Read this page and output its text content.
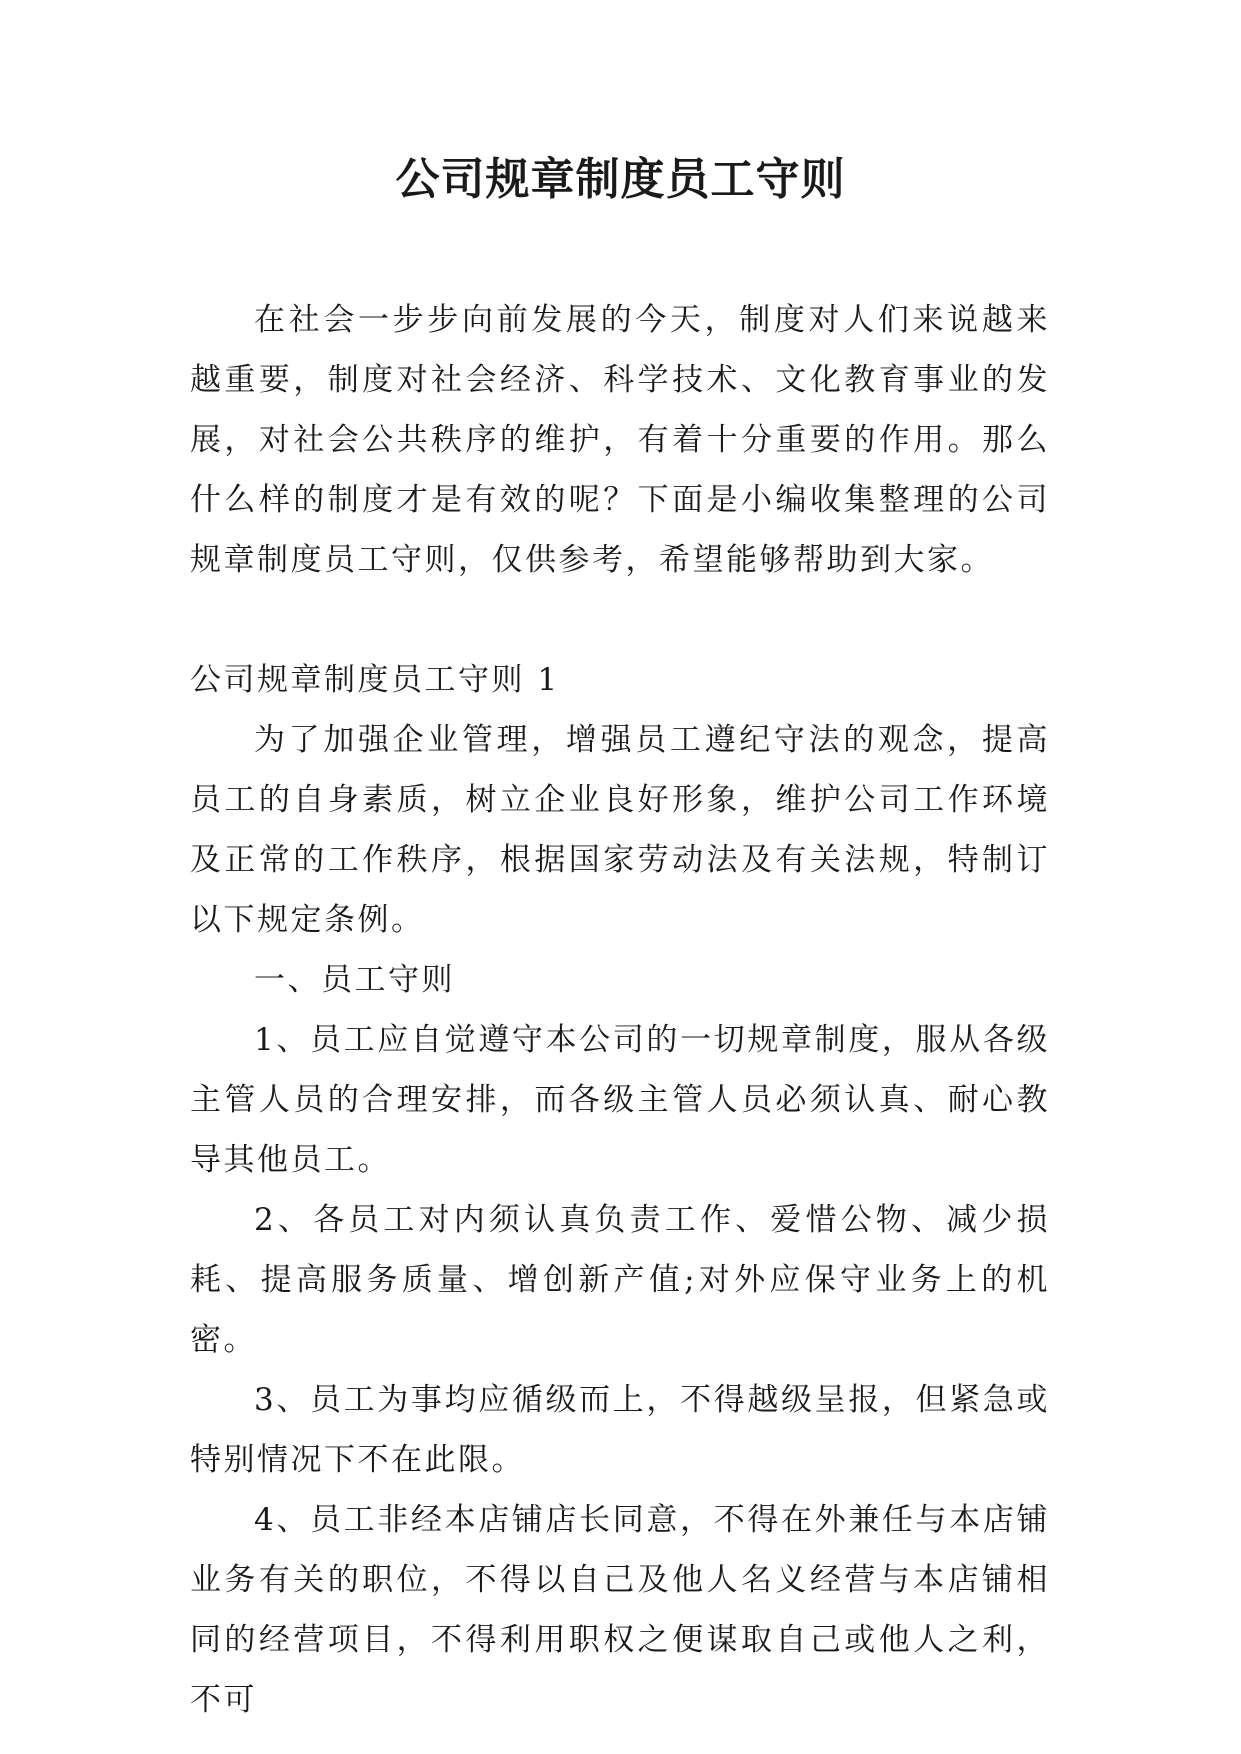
公司规章制度员工守则

在社会一步步向前发展的今天，制度对人们来说越来越重要，制度对社会经济、科学技术、文化教育事业的发展，对社会公共秩序的维护，有着十分重要的作用。那么什么样的制度才是有效的呢？下面是小编收集整理的公司规章制度员工守则，仅供参考，希望能够帮助到大家。

公司规章制度员工守则 1

为了加强企业管理，增强员工遵纪守法的观念，提高员工的自身素质，树立企业良好形象，维护公司工作环境及正常的工作秩序，根据国家劳动法及有关法规，特制订以下规定条例。

一、员工守则

1、员工应自觉遵守本公司的一切规章制度，服从各级主管人员的合理安排，而各级主管人员必须认真、耐心教导其他员工。

2、各员工对内须认真负责工作、爱惜公物、减少损耗、提高服务质量、增创新产值;对外应保守业务上的机密。

3、员工为事均应循级而上，不得越级呈报，但紧急或特别情况下不在此限。

4、员工非经本店铺店长同意，不得在外兼任与本店铺业务有关的职位，不得以自己及他人名义经营与本店铺相同的经营项目，不得利用职权之便谋取自己或他人之利，不可
